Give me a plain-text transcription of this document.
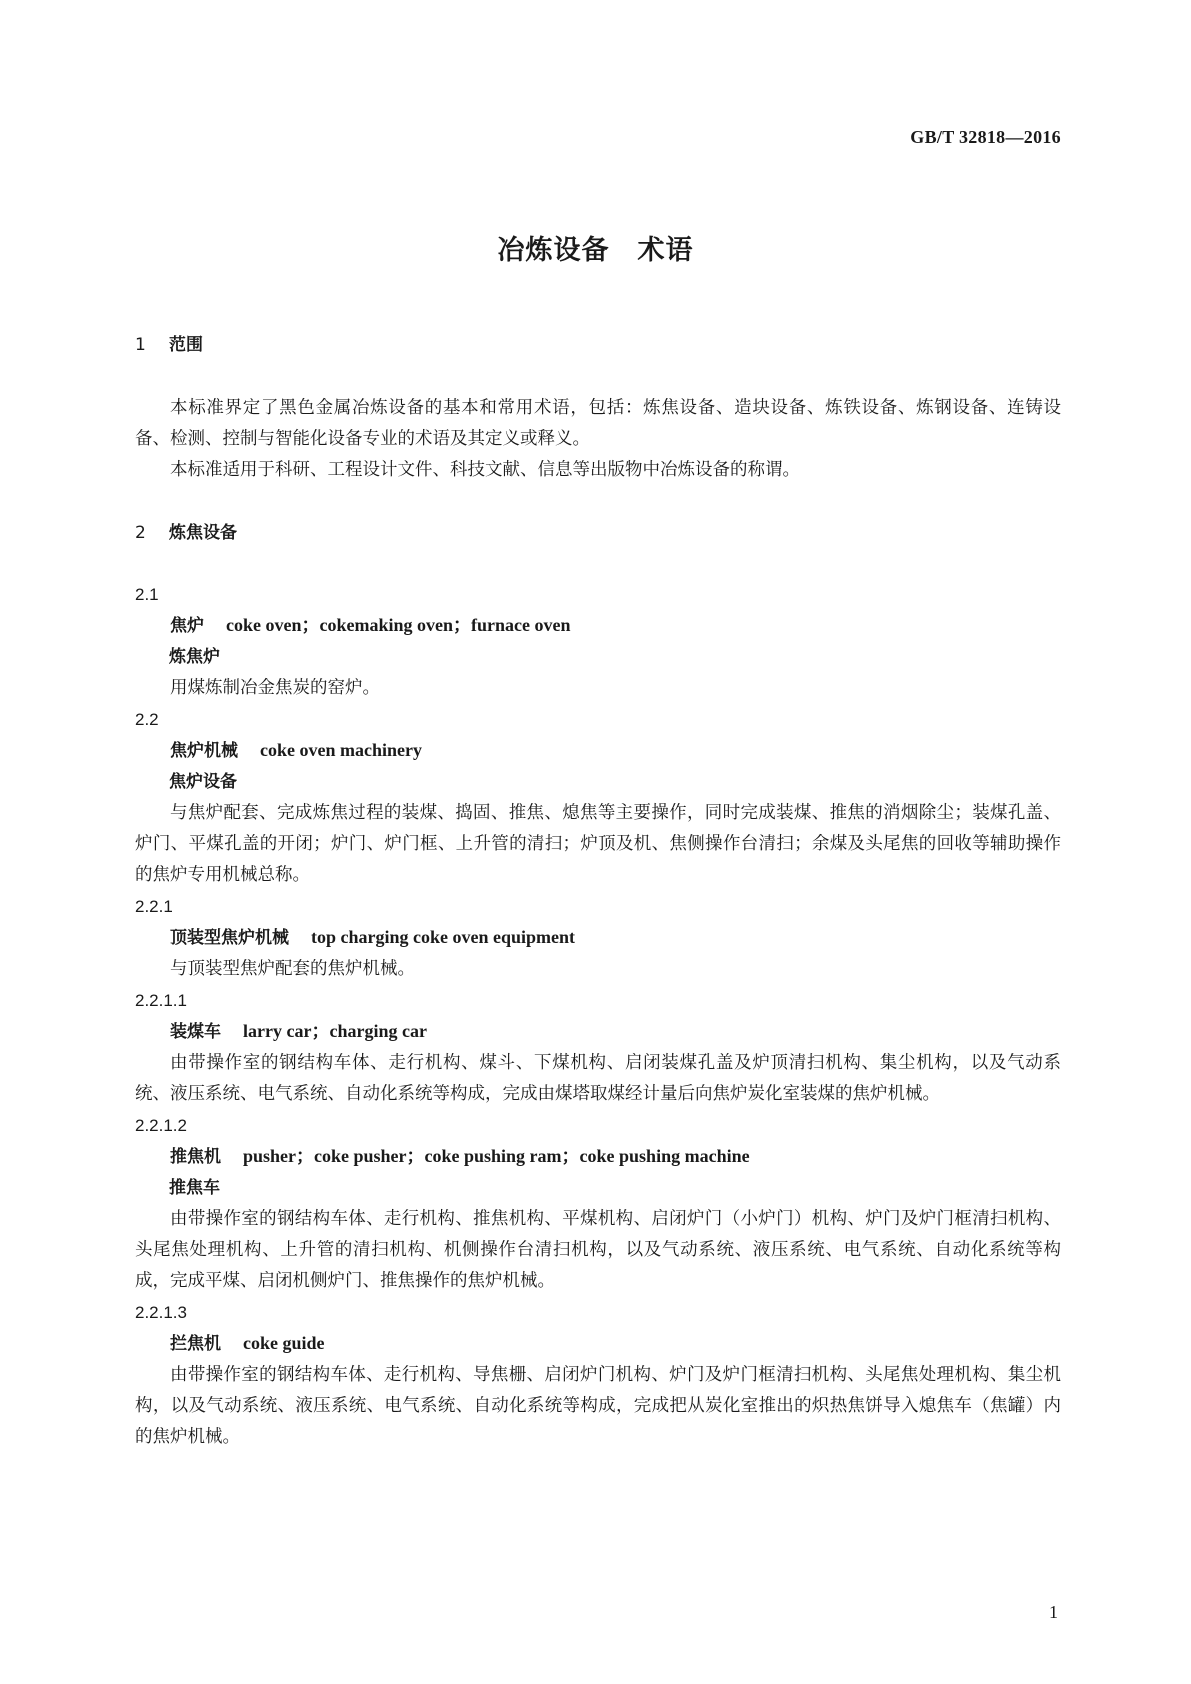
GB/T 32818—2016
冶炼设备　术语

1 范围

本标准界定了黑色金属冶炼设备的基本和常用术语，包括：炼焦设备、造块设备、炼铁设备、炼钢设备、连铸设备、检测、控制与智能化设备专业的术语及其定义或释义。

本标准适用于科研、工程设计文件、科技文献、信息等出版物中冶炼设备的称谓。

2 炼焦设备

2.1

焦炉 coke oven；cokemaking oven；furnace oven

炼焦炉

用煤炼制冶金焦炭的窑炉。

2.2

焦炉机械 coke oven machinery

焦炉设备

与焦炉配套、完成炼焦过程的装煤、捣固、推焦、熄焦等主要操作，同时完成装煤、推焦的消烟除尘；装煤孔盖、炉门、平煤孔盖的开闭；炉门、炉门框、上升管的清扫；炉顶及机、焦侧操作台清扫；余煤及头尾焦的回收等辅助操作的焦炉专用机械总称。

2.2.1

顶装型焦炉机械 top charging coke oven equipment

与顶装型焦炉配套的焦炉机械。

2.2.1.1

装煤车 larry car；charging car

由带操作室的钢结构车体、走行机构、煤斗、下煤机构、启闭装煤孔盖及炉顶清扫机构、集尘机构，以及气动系统、液压系统、电气系统、自动化系统等构成，完成由煤塔取煤经计量后向焦炉炭化室装煤的焦炉机械。

2.2.1.2

推焦机 pusher；coke pusher；coke pushing ram；coke pushing machine

推焦车

由带操作室的钢结构车体、走行机构、推焦机构、平煤机构、启闭炉门（小炉门）机构、炉门及炉门框清扫机构、头尾焦处理机构、上升管的清扫机构、机侧操作台清扫机构，以及气动系统、液压系统、电气系统、自动化系统等构成，完成平煤、启闭机侧炉门、推焦操作的焦炉机械。

2.2.1.3

拦焦机 coke guide

由带操作室的钢结构车体、走行机构、导焦栅、启闭炉门机构、炉门及炉门框清扫机构、头尾焦处理机构、集尘机构，以及气动系统、液压系统、电气系统、自动化系统等构成，完成把从炭化室推出的炽热焦饼导入熄焦车（焦罐）内的焦炉机械。

1
